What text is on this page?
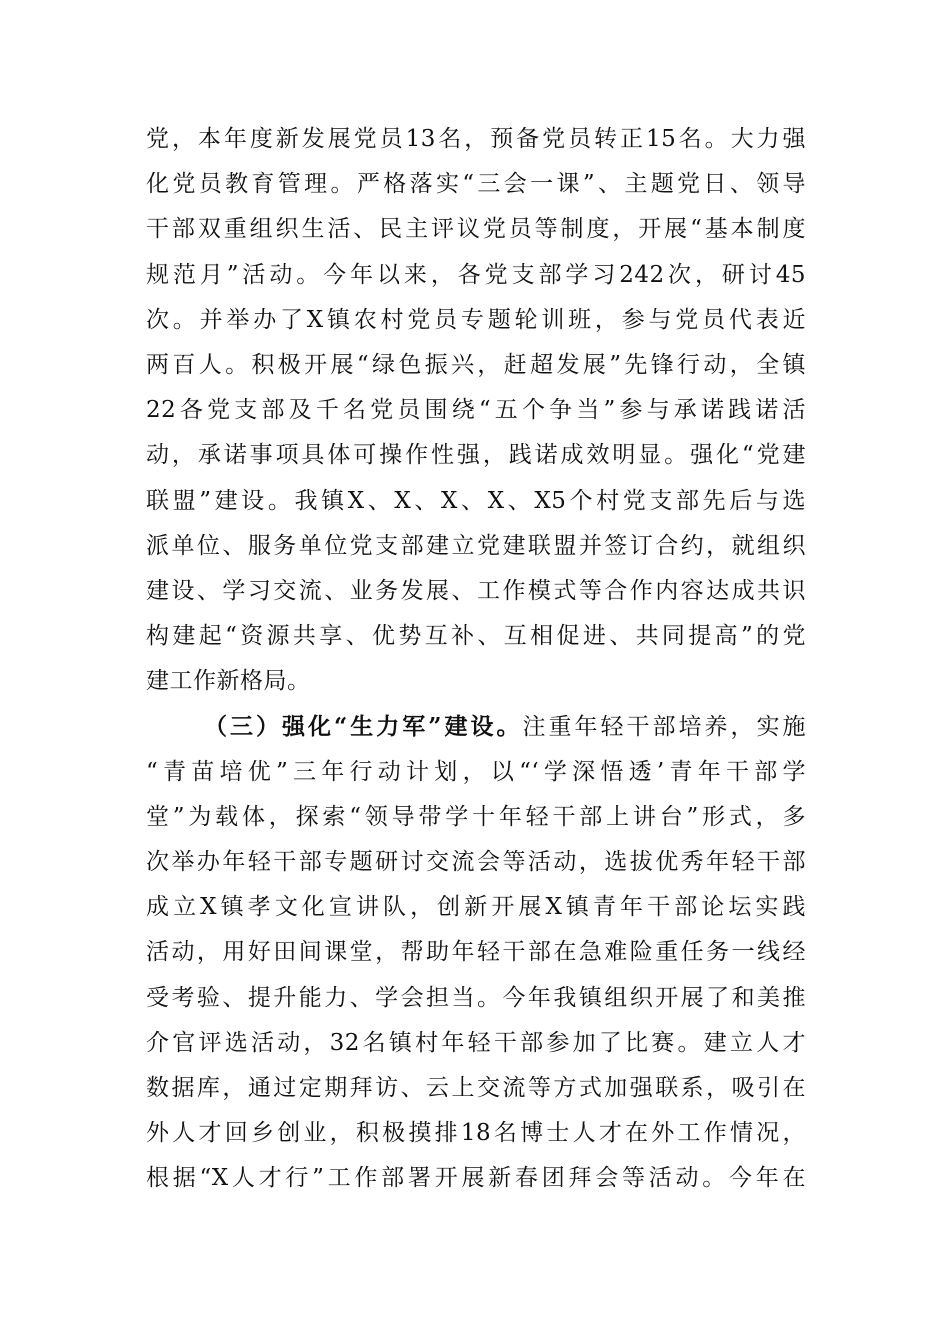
党，本年度新发展党员13名，预备党员转正15名。大力强
化党员教育管理。严格落实“三会一课”、主题党日、领导
干部双重组织生活、民主评议党员等制度，开展“基本制度
规范月”活动。今年以来，各党支部学习242次，研讨45
次。并举办了X镇农村党员专题轮训班，参与党员代表近
两百人。积极开展“绿色振兴，赶超发展”先锋行动，全镇
22各党支部及千名党员围绕“五个争当”参与承诺践诺活
动，承诺事项具体可操作性强，践诺成效明显。强化“党建
联盟”建设。我镇X、X、X、X、X5个村党支部先后与选
派单位、服务单位党支部建立党建联盟并签订合约，就组织
建设、学习交流、业务发展、工作模式等合作内容达成共识
构建起“资源共享、优势互补、互相促进、共同提高”的党
建工作新格局。
（三）强化“生力军”建设。注重年轻干部培养，实施
“青苗培优”三年行动计划，以“‘学深悟透’青年干部学
堂”为载体，探索“领导带学十年轻干部上讲台”形式，多
次举办年轻干部专题研讨交流会等活动，选拔优秀年轻干部
成立X镇孝文化宣讲队，创新开展X镇青年干部论坛实践
活动，用好田间课堂，帮助年轻干部在急难险重任务一线经
受考验、提升能力、学会担当。今年我镇组织开展了和美推
介官评选活动，32名镇村年轻干部参加了比赛。建立人才
数据库，通过定期拜访、云上交流等方式加强联系，吸引在
外人才回乡创业，积极摸排18名博士人才在外工作情况，
根据“X人才行”工作部署开展新春团拜会等活动。今年在
